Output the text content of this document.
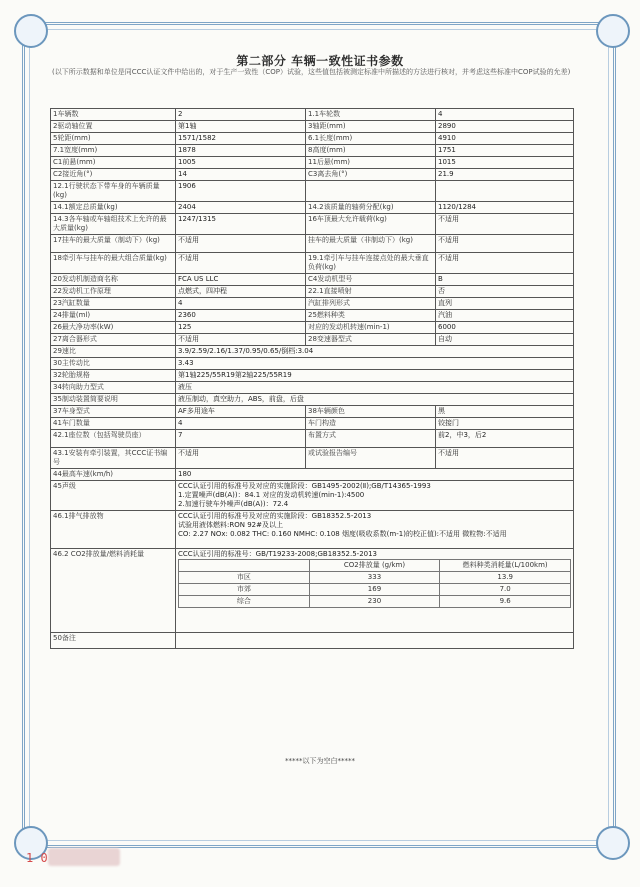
第二部分 车辆一致性证书参数
(以下所示数据和单位是同CCC认证文件中给出的，对于生产一致性（COP）试验，这些值包括被测定标准中所描述的方法进行核对，并考虑这些标准中COP试验的允差)
1车辆数	2	1.1车轮数	4
2驱动轴位置	第1轴	3轴距(mm)	2890
5轮距(mm)	1571/1582	6.1长度(mm)	4910
7.1宽度(mm)	1878	8高度(mm)	1751
C1前悬(mm)	1005	11后悬(mm)	1015
C2接近角(°)	14	C3离去角(°)	21.9
12.1行驶状态下带车身的车辆质量(kg)	1906		
14.1额定总质量(kg)	2404	14.2该质量的轴荷分配(kg)	1120/1284
14.3各车轴或车轴组技术上允许的最大质量(kg)	1247/1315	16车顶最大允许载荷(kg)	不适用
17挂车的最大质量（制动下）(kg)	不适用	挂车的最大质量（非制动下）(kg)	不适用
18牵引车与挂车的最大组合质量(kg)	不适用	19.1牵引车与挂车连接点处的最大垂直负荷(kg)	不适用
20发动机制造商名称	FCA US LLC	C4发动机型号	B
22发动机工作原理	点燃式，四冲程	22.1直接喷射	否
23汽缸数量	4	汽缸排列形式	直列
24排量(ml)	2360	25燃料种类	汽油
26最大净功率(kW)	125	对应的发动机转速(min-1)	6000
27离合器形式	不适用	28变速器型式	自动
29速比	3.9/2.59/2.16/1.37/0.95/0.65/倒档:3.04
30主传动比	3.43
32轮胎规格	第1轴225/55R19第2轴225/55R19
34转向助力型式	液压
35制动装置简要说明	液压制动，真空助力，ABS，前盘，后盘
37车身型式	AF多用途车	38车辆颜色	黑
41车门数量	4	车门构造	铰接门
42.1座位数（包括驾驶员座）	7	布置方式	前2，中3，后2
43.1安装有牵引装置，其CCC证书编号	不适用	或试验报告编号	不适用
44最高车速(km/h)	180
45声级	CCC认证引用的标准号及对应的实施阶段：GB1495-2002(Ⅱ);GB/T14365-1993
1.定置噪声(dB(A))：84.1 对应的发动机转速(min-1):4500
2.加速行驶车外噪声(dB(A))：72.4

46.1排气排放物	CCC认证引用的标准号及对应的实施阶段：GB18352.5-2013
试验用液体燃料:RON 92#及以上
CO: 2.27 NOx: 0.082 THC: 0.160 NMHC: 0.108 烟度(吸收系数(m-1)的校正值):不适用 微粒物:不适用

46.2 CO2排放量/燃料消耗量	CCC认证引用的标准号：GB/T19233-2008;GB18352.5-2013
	CO2排放量 (g/km)	燃料种类消耗量(L/100km)
市区	333	13.9
市郊	169	7.0
综合	230	9.6

50备注	
*****以下为空白*****
1 0
